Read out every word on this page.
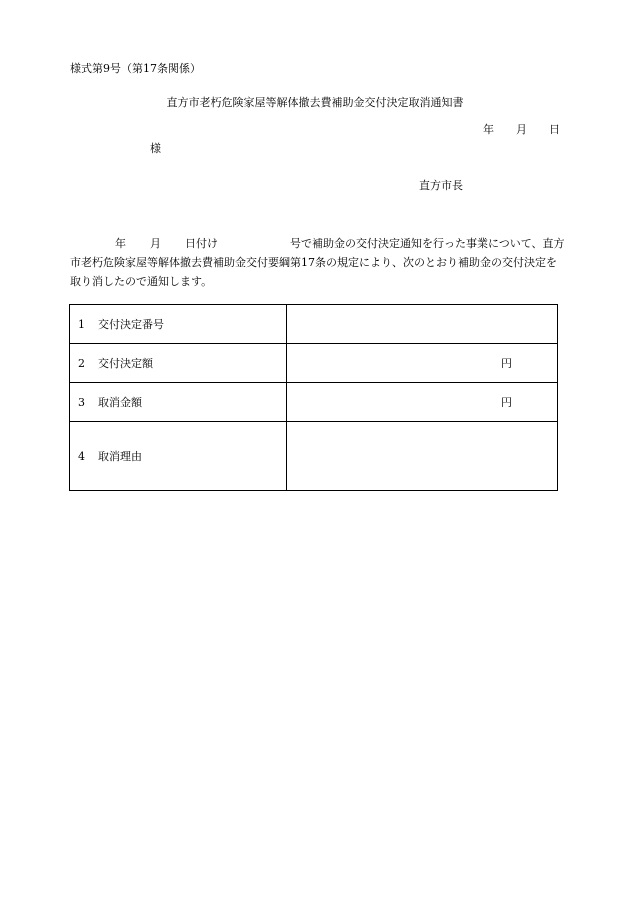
様式第9号（第17条関係）
直方市老朽危険家屋等解体撤去費補助金交付決定取消通知書
年 月 日
様
直方市長
年 月 日付け	号で補助金の交付決定通知を行った事業について、直方
市老朽危険家屋等解体撤去費補助金交付要綱第17条の規定により、次のとおり補助金の交付決定を
取り消したので通知します。
1 交付決定番号	

2 交付決定額	円

3 取消金額	円

4 取消理由	
